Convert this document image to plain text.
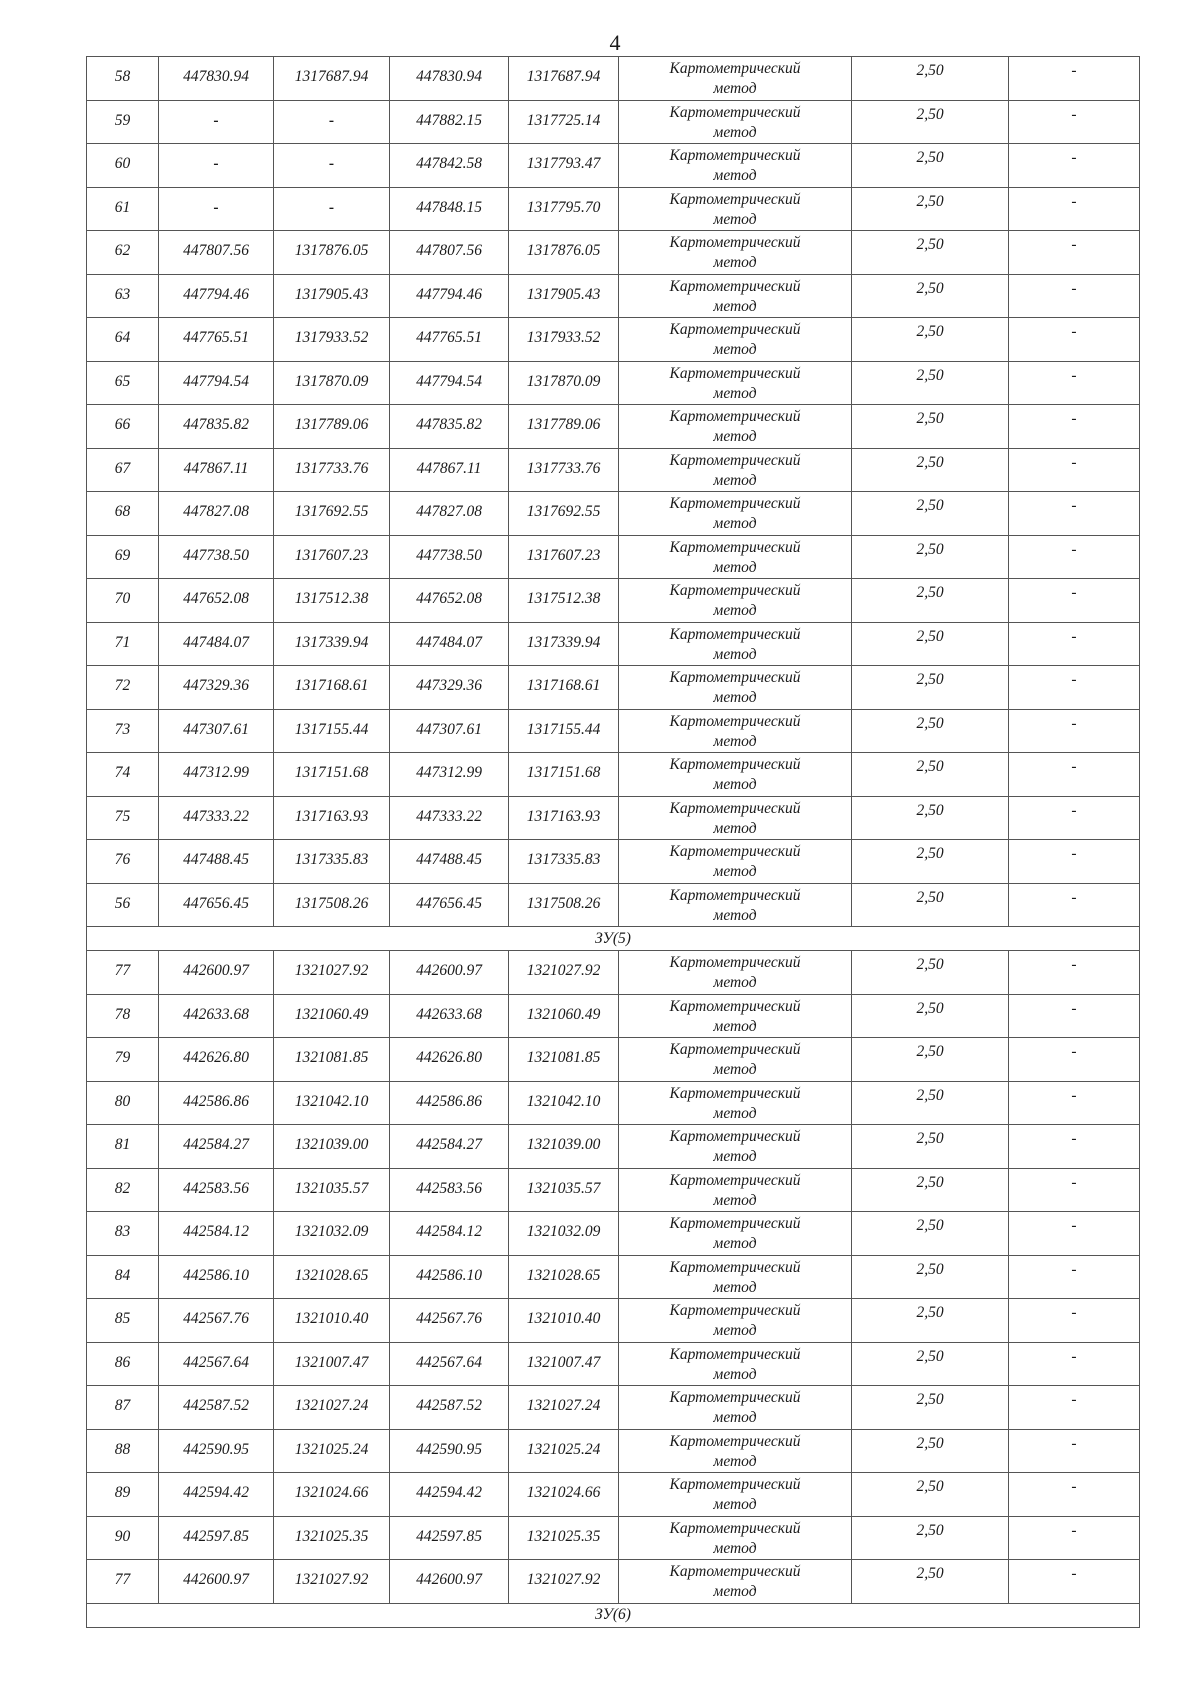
4
58	447830.94	1317687.94	447830.94	1317687.94	Картометрический
метод	2,50	-
59	-	-	447882.15	1317725.14	Картометрический
метод	2,50	-
60	-	-	447842.58	1317793.47	Картометрический
метод	2,50	-
61	-	-	447848.15	1317795.70	Картометрический
метод	2,50	-
62	447807.56	1317876.05	447807.56	1317876.05	Картометрический
метод	2,50	-
63	447794.46	1317905.43	447794.46	1317905.43	Картометрический
метод	2,50	-
64	447765.51	1317933.52	447765.51	1317933.52	Картометрический
метод	2,50	-
65	447794.54	1317870.09	447794.54	1317870.09	Картометрический
метод	2,50	-
66	447835.82	1317789.06	447835.82	1317789.06	Картометрический
метод	2,50	-
67	447867.11	1317733.76	447867.11	1317733.76	Картометрический
метод	2,50	-
68	447827.08	1317692.55	447827.08	1317692.55	Картометрический
метод	2,50	-
69	447738.50	1317607.23	447738.50	1317607.23	Картометрический
метод	2,50	-
70	447652.08	1317512.38	447652.08	1317512.38	Картометрический
метод	2,50	-
71	447484.07	1317339.94	447484.07	1317339.94	Картометрический
метод	2,50	-
72	447329.36	1317168.61	447329.36	1317168.61	Картометрический
метод	2,50	-
73	447307.61	1317155.44	447307.61	1317155.44	Картометрический
метод	2,50	-
74	447312.99	1317151.68	447312.99	1317151.68	Картометрический
метод	2,50	-
75	447333.22	1317163.93	447333.22	1317163.93	Картометрический
метод	2,50	-
76	447488.45	1317335.83	447488.45	1317335.83	Картометрический
метод	2,50	-
56	447656.45	1317508.26	447656.45	1317508.26	Картометрический
метод	2,50	-
ЗУ(5)							
77	442600.97	1321027.92	442600.97	1321027.92	Картометрический
метод	2,50	-
78	442633.68	1321060.49	442633.68	1321060.49	Картометрический
метод	2,50	-
79	442626.80	1321081.85	442626.80	1321081.85	Картометрический
метод	2,50	-
80	442586.86	1321042.10	442586.86	1321042.10	Картометрический
метод	2,50	-
81	442584.27	1321039.00	442584.27	1321039.00	Картометрический
метод	2,50	-
82	442583.56	1321035.57	442583.56	1321035.57	Картометрический
метод	2,50	-
83	442584.12	1321032.09	442584.12	1321032.09	Картометрический
метод	2,50	-
84	442586.10	1321028.65	442586.10	1321028.65	Картометрический
метод	2,50	-
85	442567.76	1321010.40	442567.76	1321010.40	Картометрический
метод	2,50	-
86	442567.64	1321007.47	442567.64	1321007.47	Картометрический
метод	2,50	-
87	442587.52	1321027.24	442587.52	1321027.24	Картометрический
метод	2,50	-
88	442590.95	1321025.24	442590.95	1321025.24	Картометрический
метод	2,50	-
89	442594.42	1321024.66	442594.42	1321024.66	Картометрический
метод	2,50	-
90	442597.85	1321025.35	442597.85	1321025.35	Картометрический
метод	2,50	-
77	442600.97	1321027.92	442600.97	1321027.92	Картометрический
метод	2,50	-
ЗУ(6)							
